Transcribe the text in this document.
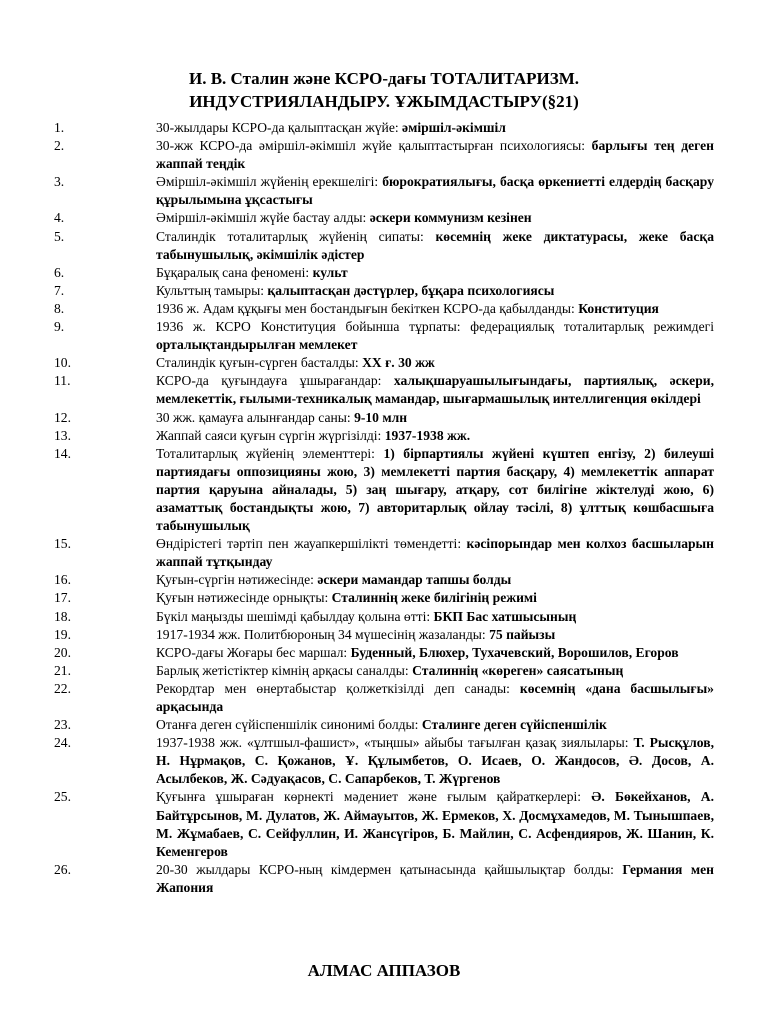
И. В. Сталин және КСРО-дағы ТОТАЛИТАРИЗМ.
ИНДУСТРИЯЛАНДЫРУ. ҰЖЫМДАСТЫРУ(§21)
1.	30-жылдары КСРО-да қалыптасқан жүйе: әміршіл-әкімшіл
2.	30-жж КСРО-да әміршіл-әкімшіл жүйе қалыптастырған психологиясы: барлығы тең деген жаппай теңдік
3.	Әміршіл-әкімшіл жүйенің ерекшелігі: бюрократиялығы, басқа өркениетті елдердің басқару құрылымына ұқсастығы
4.	Әміршіл-әкімшіл жүйе бастау алды: әскери коммунизм кезінен
5.	Сталиндік тоталитарлық жүйенің сипаты: көсемнің жеке диктатурасы, жеке басқа табынушылық, әкімшілік әдістер
6.	Бұқаралық сана феномені: культ
7.	Культтың тамыры: қалыптасқан дәстүрлер, бұқара психологиясы
8.	1936 ж. Адам құқығы мен бостандығын бекіткен КСРО-да қабылданды: Конституция
9.	1936 ж. КСРО Конституция бойынша тұрпаты: федерациялық тоталитарлық режимдегі орталықтандырылған мемлекет
10.	Сталиндік қуғын-сүрген басталды: XX ғ. 30 жж
11.	КСРО-да қуғындауға ұшырағандар: халықшаруашылығындағы, партиялық, әскери, мемлекеттік, ғылыми-техникалық мамандар, шығармашылық интеллигенция өкілдері
12.	30 жж. қамауға алынғандар саны: 9-10 млн
13.	Жаппай саяси қуғын сүргін жүргізілді: 1937-1938 жж.
14.	Тоталитарлық жүйенің элементтері: 1) бірпартиялы жүйені күштеп енгізу, 2) билеуші партиядағы оппозицияны жою, 3) мемлекетті партия басқару, 4) мемлекеттік аппарат партия қаруына айналады, 5) заң шығару, атқару, сот билігіне жіктелуді жою, 6) азаматтық бостандықты жою, 7) авторитарлық ойлау тәсілі, 8) ұлттық көшбасшыға табынушылық
15.	Өндірістегі тәртіп пен жауапкершілікті төмендетті: кәсіпорындар мен колхоз басшыларын жаппай тұтқындау
16.	Қуғын-сүргін нәтижесінде: әскери мамандар тапшы болды
17.	Қуғын нәтижесінде орнықты: Сталиннің жеке билігінің режимі
18.	Бүкіл маңызды шешімді қабылдау қолына өтті: БКП Бас хатшысының
19.	1917-1934 жж. Политбюроның 34 мүшесінің жазаланды: 75 пайызы
20.	КСРО-дағы Жоғары бес маршал: Буденный, Блюхер, Тухачевский, Ворошилов, Егоров
21.	Барлық жетістіктер кімнің арқасы саналды: Сталиннің «көреген» саясатының
22.	Рекордтар мен өнертабыстар қолжеткізілді деп санады: көсемнің «дана басшылығы» арқасында
23.	Отанға деген сүйіспеншілік синонимі болды: Сталинге деген сүйіспеншілік
24.	1937-1938 жж. «ұлтшыл-фашист», «тыңшы» айыбы тағылған қазақ зиялылары: Т. Рысқұлов, Н. Нұрмақов, С. Қожанов, Ұ. Құлымбетов, О. Исаев, О. Жандосов, Ә. Досов, А. Асылбеков, Ж. Сәдуақасов, С. Сапарбеков, Т. Жүргенов
25.	Қуғынға ұшыраған көрнекті мәдениет және ғылым қайраткерлері: Ә. Бөкейханов, А. Байтұрсынов, М. Дулатов, Ж. Аймауытов, Ж. Ермеков, Х. Досмұхамедов, М. Тынышпаев, М. Жұмабаев, С. Сейфуллин, И. Жансүгіров, Б. Майлин, С. Асфендияров, Ж. Шанин, К. Кеменгеров
26.	20-30 жылдары КСРО-ның кімдермен қатынасында қайшылықтар болды: Германия мен Жапония
АЛМАС АППАЗОВ
